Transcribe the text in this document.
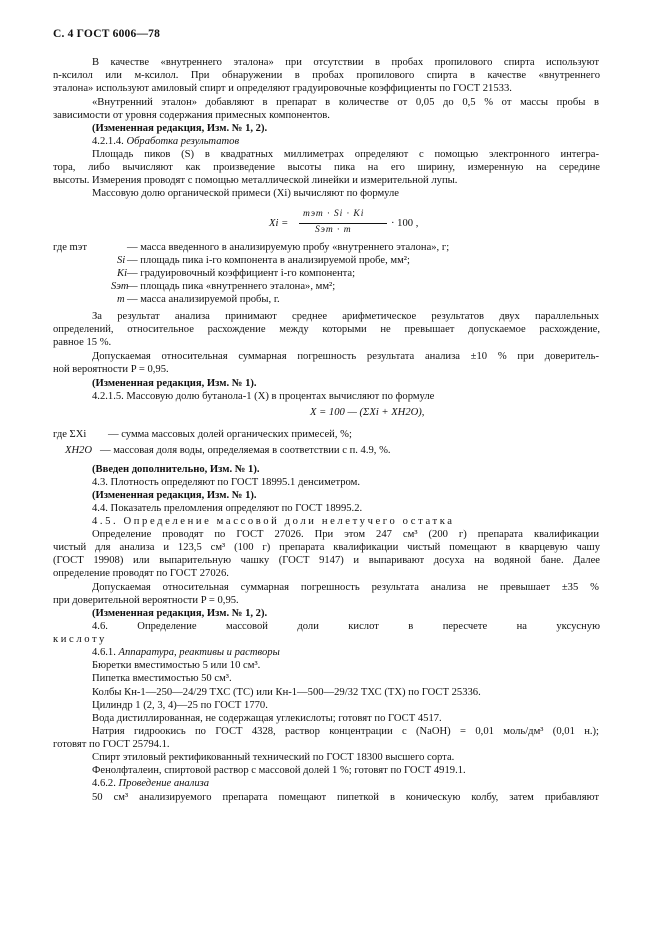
С. 4 ГОСТ 6006—78
В качестве «внутреннего эталона» при отсутствии в пробах пропилового спирта используют
n-ксилол или м-ксилол. При обнаружении в пробах пропилового спирта в качестве «внутреннего
эталона» используют амиловый спирт и определяют градуировочные коэффициенты по ГОСТ 21533.
«Внутренний эталон» добавляют в препарат в количестве от 0,05 до 0,5 % от массы пробы в
зависимости от уровня содержания примесных компонентов.
(Измененная редакция, Изм. № 1, 2).
4.2.1.4. Обработка результатов
Площадь пиков (S) в квадратных миллиметрах определяют с помощью электронного интегра-
тора, либо вычисляют как произведение высоты пика на его ширину, измеренную на середине
высоты. Измерения проводят с помощью металлической линейки и измерительной лупы.
Массовую долю органической примеси (Xi) вычисляют по формуле
Xi =
mэт · Si · Ki
Sэт · m
· 100 ,
где mэт	— масса введенного в анализируемую пробу «внутреннего эталона», г;
Si — площадь пика i-го компонента в анализируемой пробе, мм²;
Ki — градуировочный коэффициент i-го компонента;
Sэт
— площадь пика «внутреннего эталона», мм²;
m — масса анализируемой пробы, г.
За результат анализа принимают среднее арифметическое результатов двух параллельных
определений, относительное расхождение между которыми не превышает допускаемое расхождение,
равное 15 %.
Допускаемая относительная суммарная погрешность результата анализа ±10 % при доверитель-
ной вероятности P = 0,95.
(Измененная редакция, Изм. № 1).
4.2.1.5. Массовую долю бутанола-1 (X) в процентах вычисляют по формуле
X = 100 — (ΣXi + XH2O),
где ΣXi — сумма массовых долей органических примесей, %;
XH2O — массовая доля воды, определяемая в соответствии с п. 4.9, %.
(Введен дополнительно, Изм. № 1).
4.3. Плотность определяют по ГОСТ 18995.1 денсиметром.
(Измененная редакция, Изм. № 1).
4.4. Показатель преломления определяют по ГОСТ 18995.2.
4.5. Определение массовой доли нелетучего остатка
Определение проводят по ГОСТ 27026. При этом 247 см³ (200 г) препарата квалификации
чистый для анализа и 123,5 см³ (100 г) препарата квалификации чистый помещают в кварцевую чашу
(ГОСТ 19908) или выпарительную чашку (ГОСТ 9147) и выпаривают досуха на водяной бане. Далее
определение проводят по ГОСТ 27026.
Допускаемая относительная суммарная погрешность результата анализа не превышает ±35 %
при доверительной вероятности P = 0,95.
(Измененная редакция, Изм. № 1, 2).
4.6. Определение массовой доли кислот в пересчете на уксусную
кислоту
4.6.1. Аппаратура, реактивы и растворы
Бюретки вместимостью 5 или 10 см³.
Пипетка вместимостью 50 см³.
Колбы Кн-1—250—24/29 ТХС (ТС) или Кн-1—500—29/32 ТХС (ТХ) по ГОСТ 25336.
Цилиндр 1 (2, 3, 4)—25 по ГОСТ 1770.
Вода дистиллированная, не содержащая углекислоты; готовят по ГОСТ 4517.
Натрия гидроокись по ГОСТ 4328, раствор концентрации с (NaOH) = 0,01 моль/дм³ (0,01 н.);
готовят по ГОСТ 25794.1.
Спирт этиловый ректификованный технический по ГОСТ 18300 высшего сорта.
Фенолфталеин, спиртовой раствор с массовой долей 1 %; готовят по ГОСТ 4919.1.
4.6.2. Проведение анализа
50 см³ анализируемого препарата помещают пипеткой в коническую колбу, затем прибавляют
